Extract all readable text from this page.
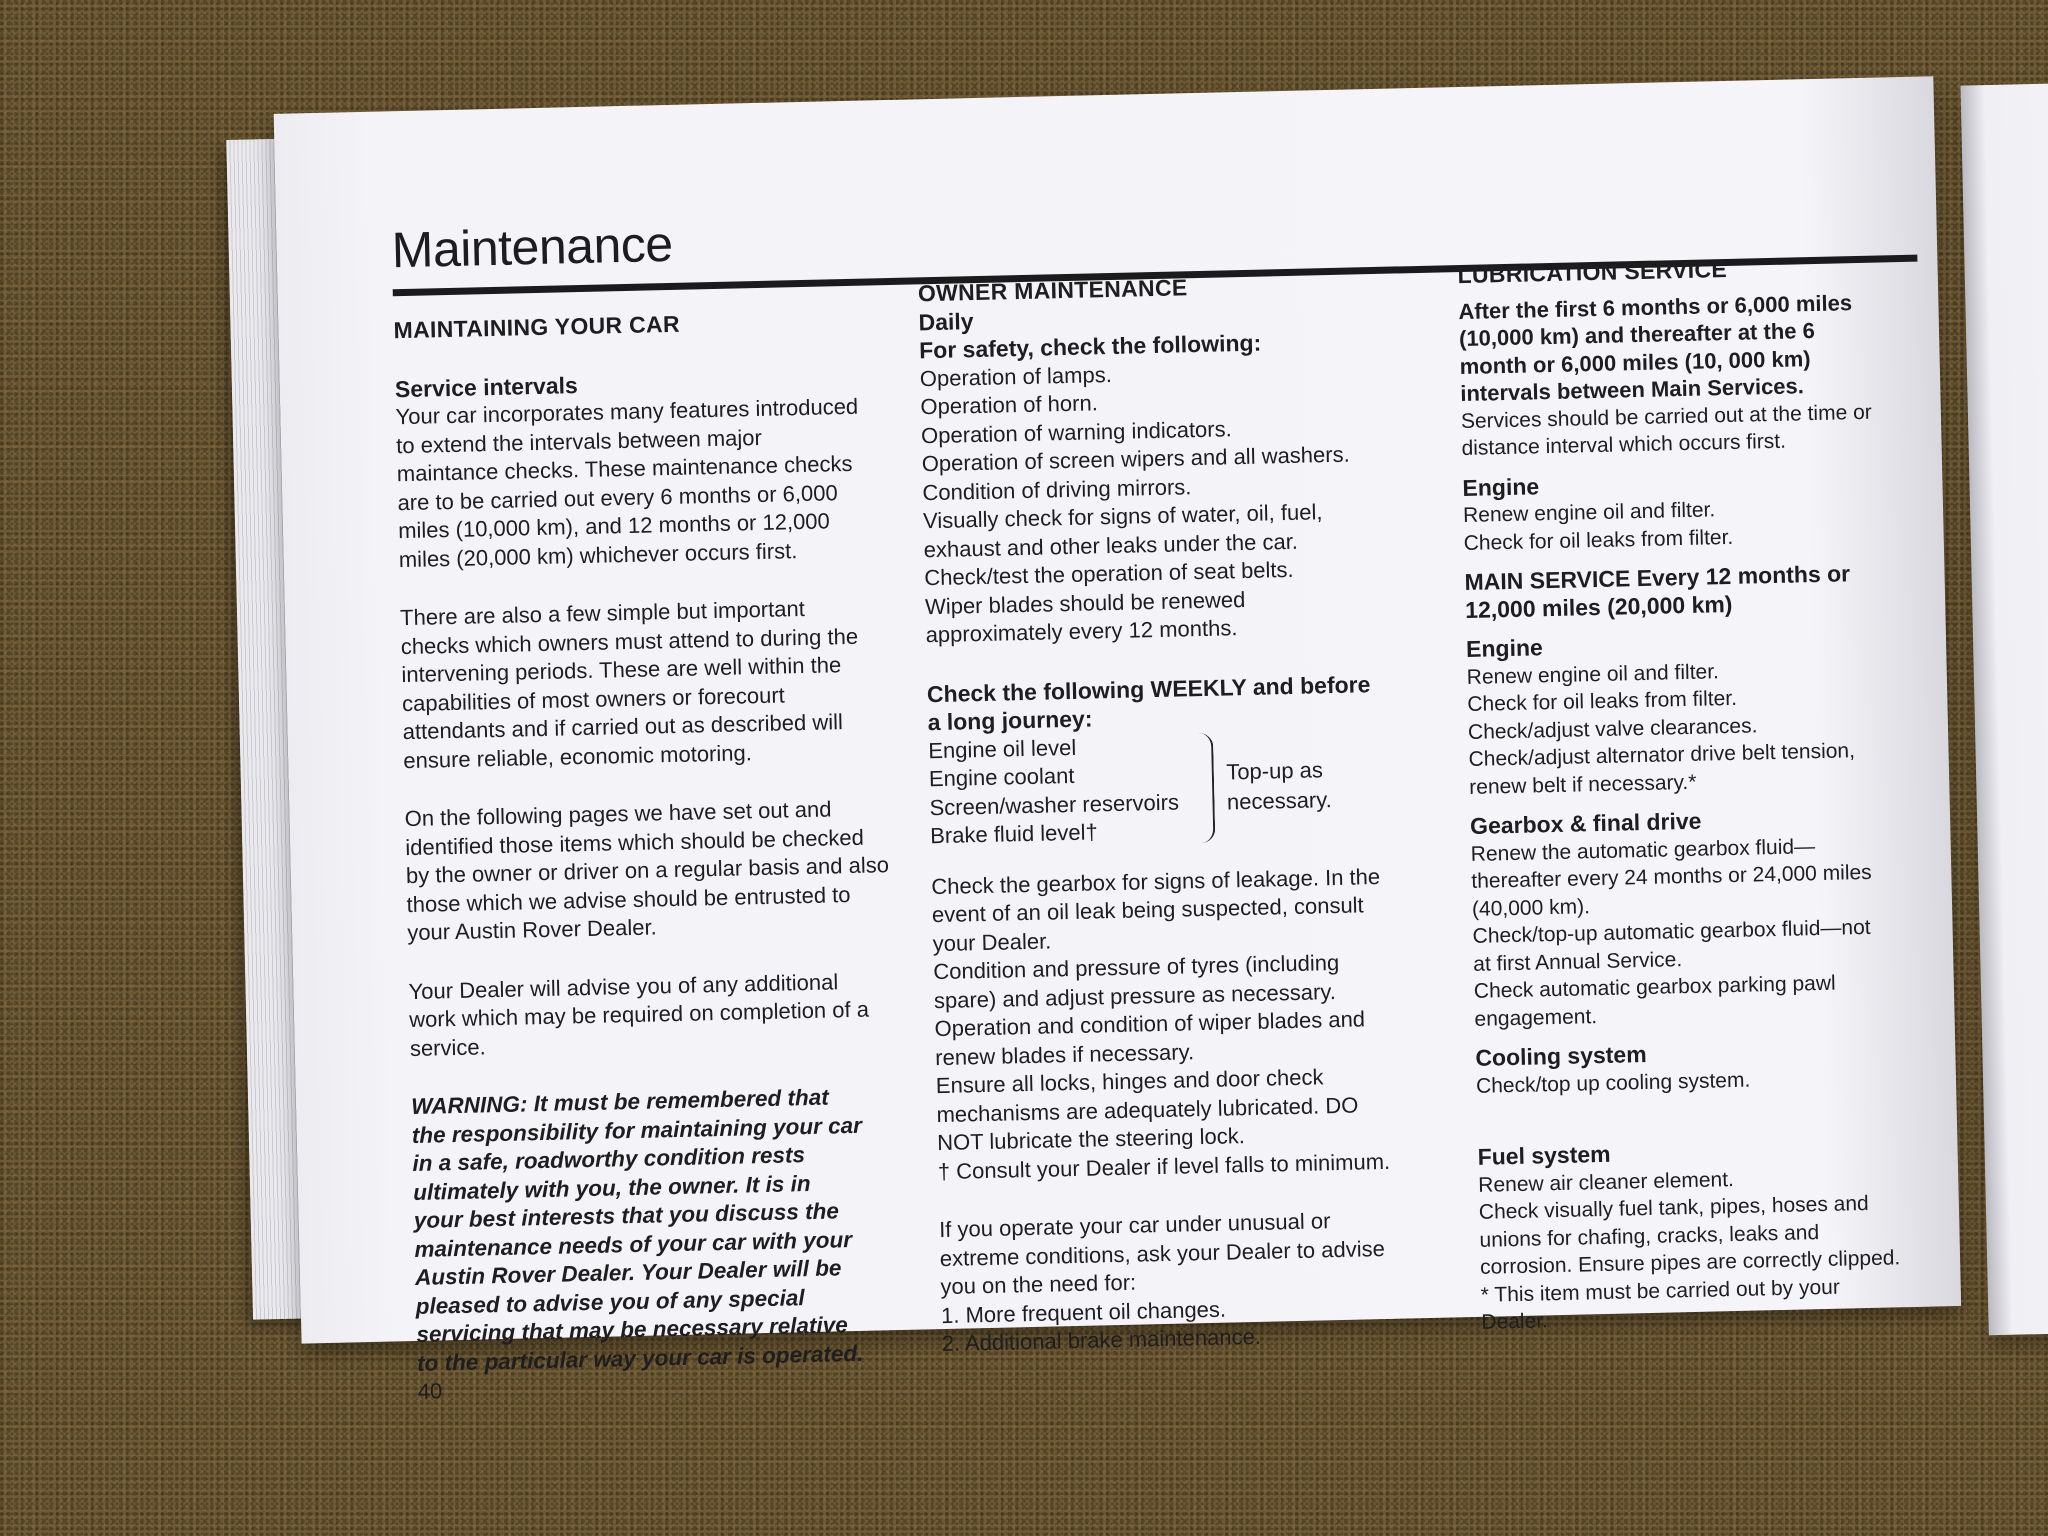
Maintenance

MAINTAINING YOUR CAR

Service intervals

Your car incorporates many features introduced

to extend the intervals between major

maintance checks. These maintenance checks

are to be carried out every 6 months or 6,000

miles (10,000 km), and 12 months or 12,000

miles (20,000 km) whichever occurs first.

There are also a few simple but important

checks which owners must attend to during the

intervening periods. These are well within the

capabilities of most owners or forecourt

attendants and if carried out as described will

ensure reliable, economic motoring.

On the following pages we have set out and

identified those items which should be checked

by the owner or driver on a regular basis and also

those which we advise should be entrusted to

your Austin Rover Dealer.

Your Dealer will advise you of any additional

work which may be required on completion of a

service.

WARNING: It must be remembered that

the responsibility for maintaining your car

in a safe, roadworthy condition rests

ultimately with you, the owner. It is in

your best interests that you discuss the

maintenance needs of your car with your

Austin Rover Dealer. Your Dealer will be

pleased to advise you of any special

servicing that may be necessary relative

to the particular way your car is operated.

40

OWNER MAINTENANCE

Daily

For safety, check the following:

Operation of lamps.

Operation of horn.

Operation of warning indicators.

Operation of screen wipers and all washers.

Condition of driving mirrors.

Visually check for signs of water, oil, fuel,

exhaust and other leaks under the car.

Check/test the operation of seat belts.

Wiper blades should be renewed

approximately every 12 months.

Check the following WEEKLY and before

a long journey:

Engine oil level

Engine coolant

Screen/washer reservoirs

Brake fluid level†

Top-up as

necessary.

Check the gearbox for signs of leakage. In the

event of an oil leak being suspected, consult

your Dealer.

Condition and pressure of tyres (including

spare) and adjust pressure as necessary.

Operation and condition of wiper blades and

renew blades if necessary.

Ensure all locks, hinges and door check

mechanisms are adequately lubricated. DO

NOT lubricate the steering lock.

† Consult your Dealer if level falls to minimum.

If you operate your car under unusual or

extreme conditions, ask your Dealer to advise

you on the need for:

1. More frequent oil changes.

2. Additional brake maintenance.

LUBRICATION SERVICE

After the first 6 months or 6,000 miles

(10,000 km) and thereafter at the 6

month or 6,000 miles (10, 000 km)

intervals between Main Services.

Services should be carried out at the time or

distance interval which occurs first.

Engine

Renew engine oil and filter.

Check for oil leaks from filter.

MAIN SERVICE Every 12 months or

12,000 miles (20,000 km)

Engine

Renew engine oil and filter.

Check for oil leaks from filter.

Check/adjust valve clearances.

Check/adjust alternator drive belt tension,

renew belt if necessary.*

Gearbox & final drive

Renew the automatic gearbox fluid—

thereafter every 24 months or 24,000 miles

(40,000 km).

Check/top-up automatic gearbox fluid—not

at first Annual Service.

Check automatic gearbox parking pawl

engagement.

Cooling system

Check/top up cooling system.

Fuel system

Renew air cleaner element.

Check visually fuel tank, pipes, hoses and

unions for chafing, cracks, leaks and

corrosion. Ensure pipes are correctly clipped.

* This item must be carried out by your

Dealer.
